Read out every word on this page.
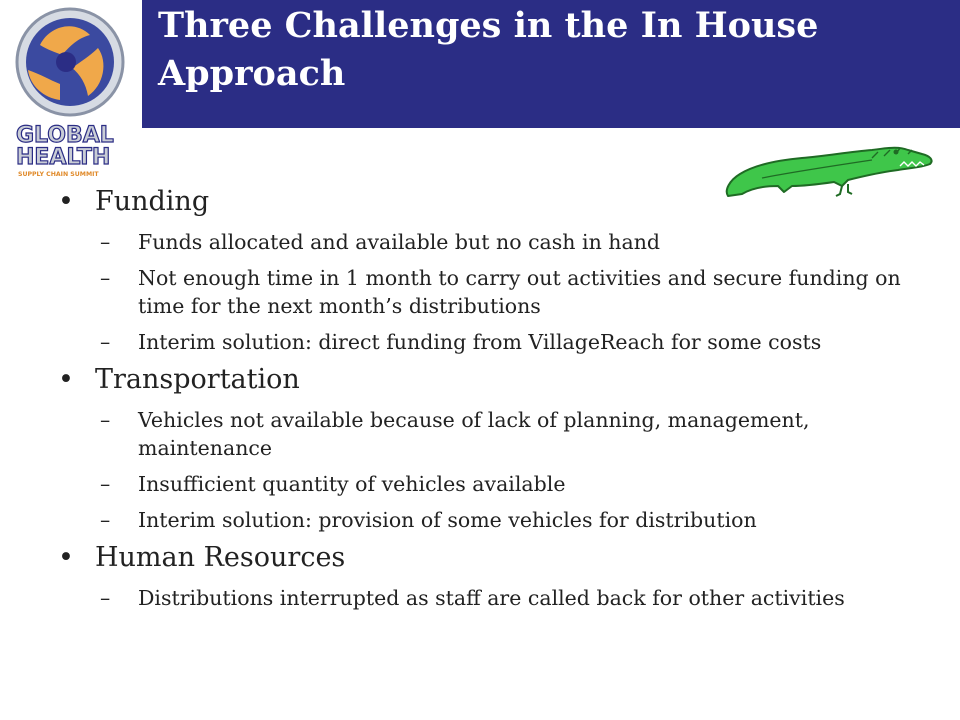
Three Challenges in the In House
Approach
GLOBAL
HEALTH
SUPPLY CHAIN SUMMIT
• Funding
– Funds allocated and available but no cash in hand
– Not enough time in 1 month to carry out activities and secure funding on time for the next month’s distributions
– Interim solution: direct funding from VillageReach for some costs
• Transportation
– Vehicles not available because of lack of planning, management, maintenance
– Insufficient quantity of vehicles available
– Interim solution: provision of some vehicles for distribution
• Human Resources
– Distributions interrupted as staff are called back for other activities
